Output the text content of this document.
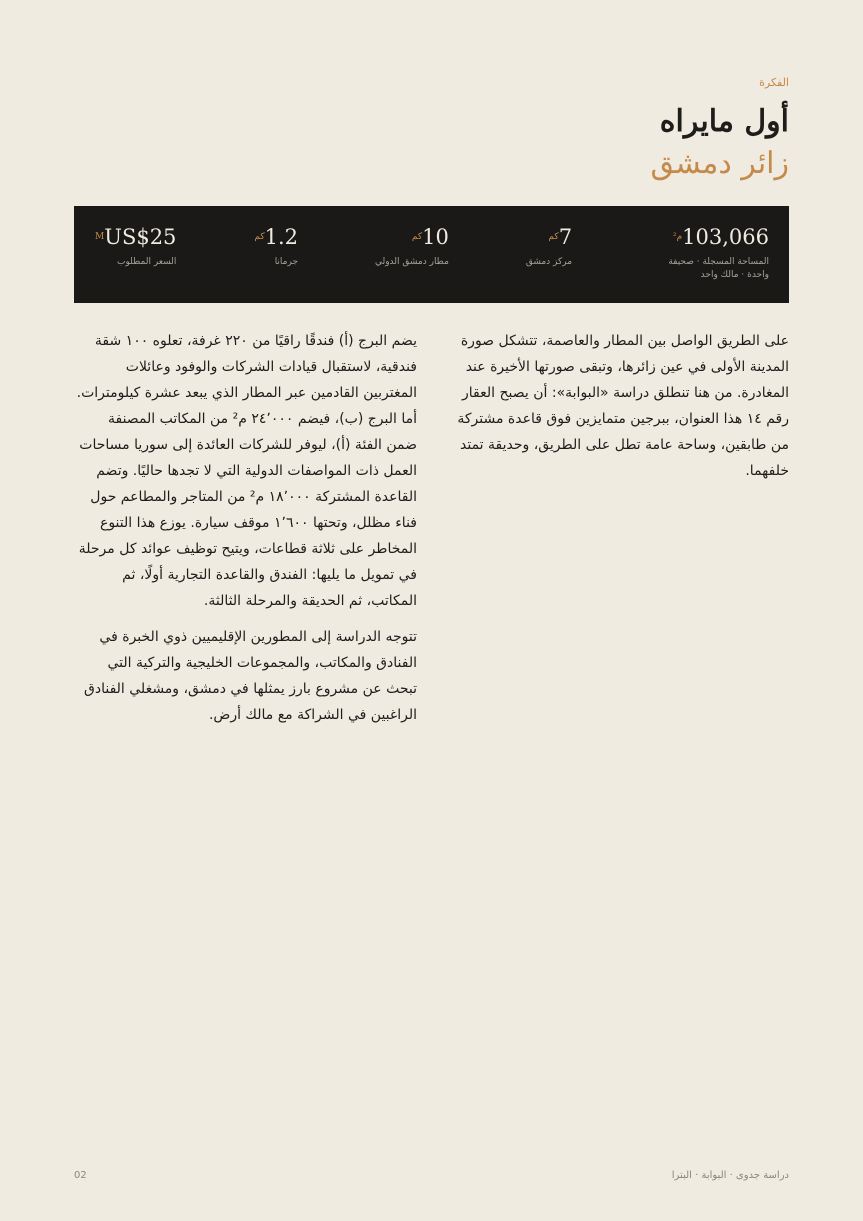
الفكرة
أول مايراه
زائر دمشق
103,066
م²
المساحة المسجلة · صحيفة واحدة · مالك واحد
7
كم
مركز دمشق
10
كم
مطار دمشق الدولي
1.2
كم
جرمانا
US$25
M
السعر المطلوب

على الطريق الواصل بين المطار والعاصمة، تتشكل صورة المدينة الأولى في عين زائرها، وتبقى صورتها الأخيرة عند المغادرة. من هنا تنطلق دراسة «البوابة»: أن يصبح العقار رقم ١٤ هذا العنوان، ببرجين متمايزين فوق قاعدة مشتركة من طابقين، وساحة عامة تطل على الطريق، وحديقة تمتد خلفهما.

يضم البرج (أ) فندقًا راقيًا من ٢٢٠ غرفة، تعلوه ١٠٠ شقة فندقية، لاستقبال قيادات الشركات والوفود وعائلات المغتربين القادمين عبر المطار الذي يبعد عشرة كيلومترات. أما البرج (ب)، فيضم ٢٤٬٠٠٠ م² من المكاتب المصنفة ضمن الفئة (أ)، ليوفر للشركات العائدة إلى سوريا مساحات العمل ذات المواصفات الدولية التي لا تجدها حاليًا. وتضم القاعدة المشتركة ١٨٬٠٠٠ م² من المتاجر والمطاعم حول فناء مظلل، وتحتها ١٬٦٠٠ موقف سيارة. يوزع هذا التنوع المخاطر على ثلاثة قطاعات، ويتيح توظيف عوائد كل مرحلة في تمويل ما يليها: الفندق والقاعدة التجارية أولًا، ثم المكاتب، ثم الحديقة والمرحلة الثالثة.

تتوجه الدراسة إلى المطورين الإقليميين ذوي الخبرة في الفنادق والمكاتب، والمجموعات الخليجية والتركية التي تبحث عن مشروع بارز يمثلها في دمشق، ومشغلي الفنادق الراغبين في الشراكة مع مالك أرض.

دراسة جدوى · البوابة · البترا
02
